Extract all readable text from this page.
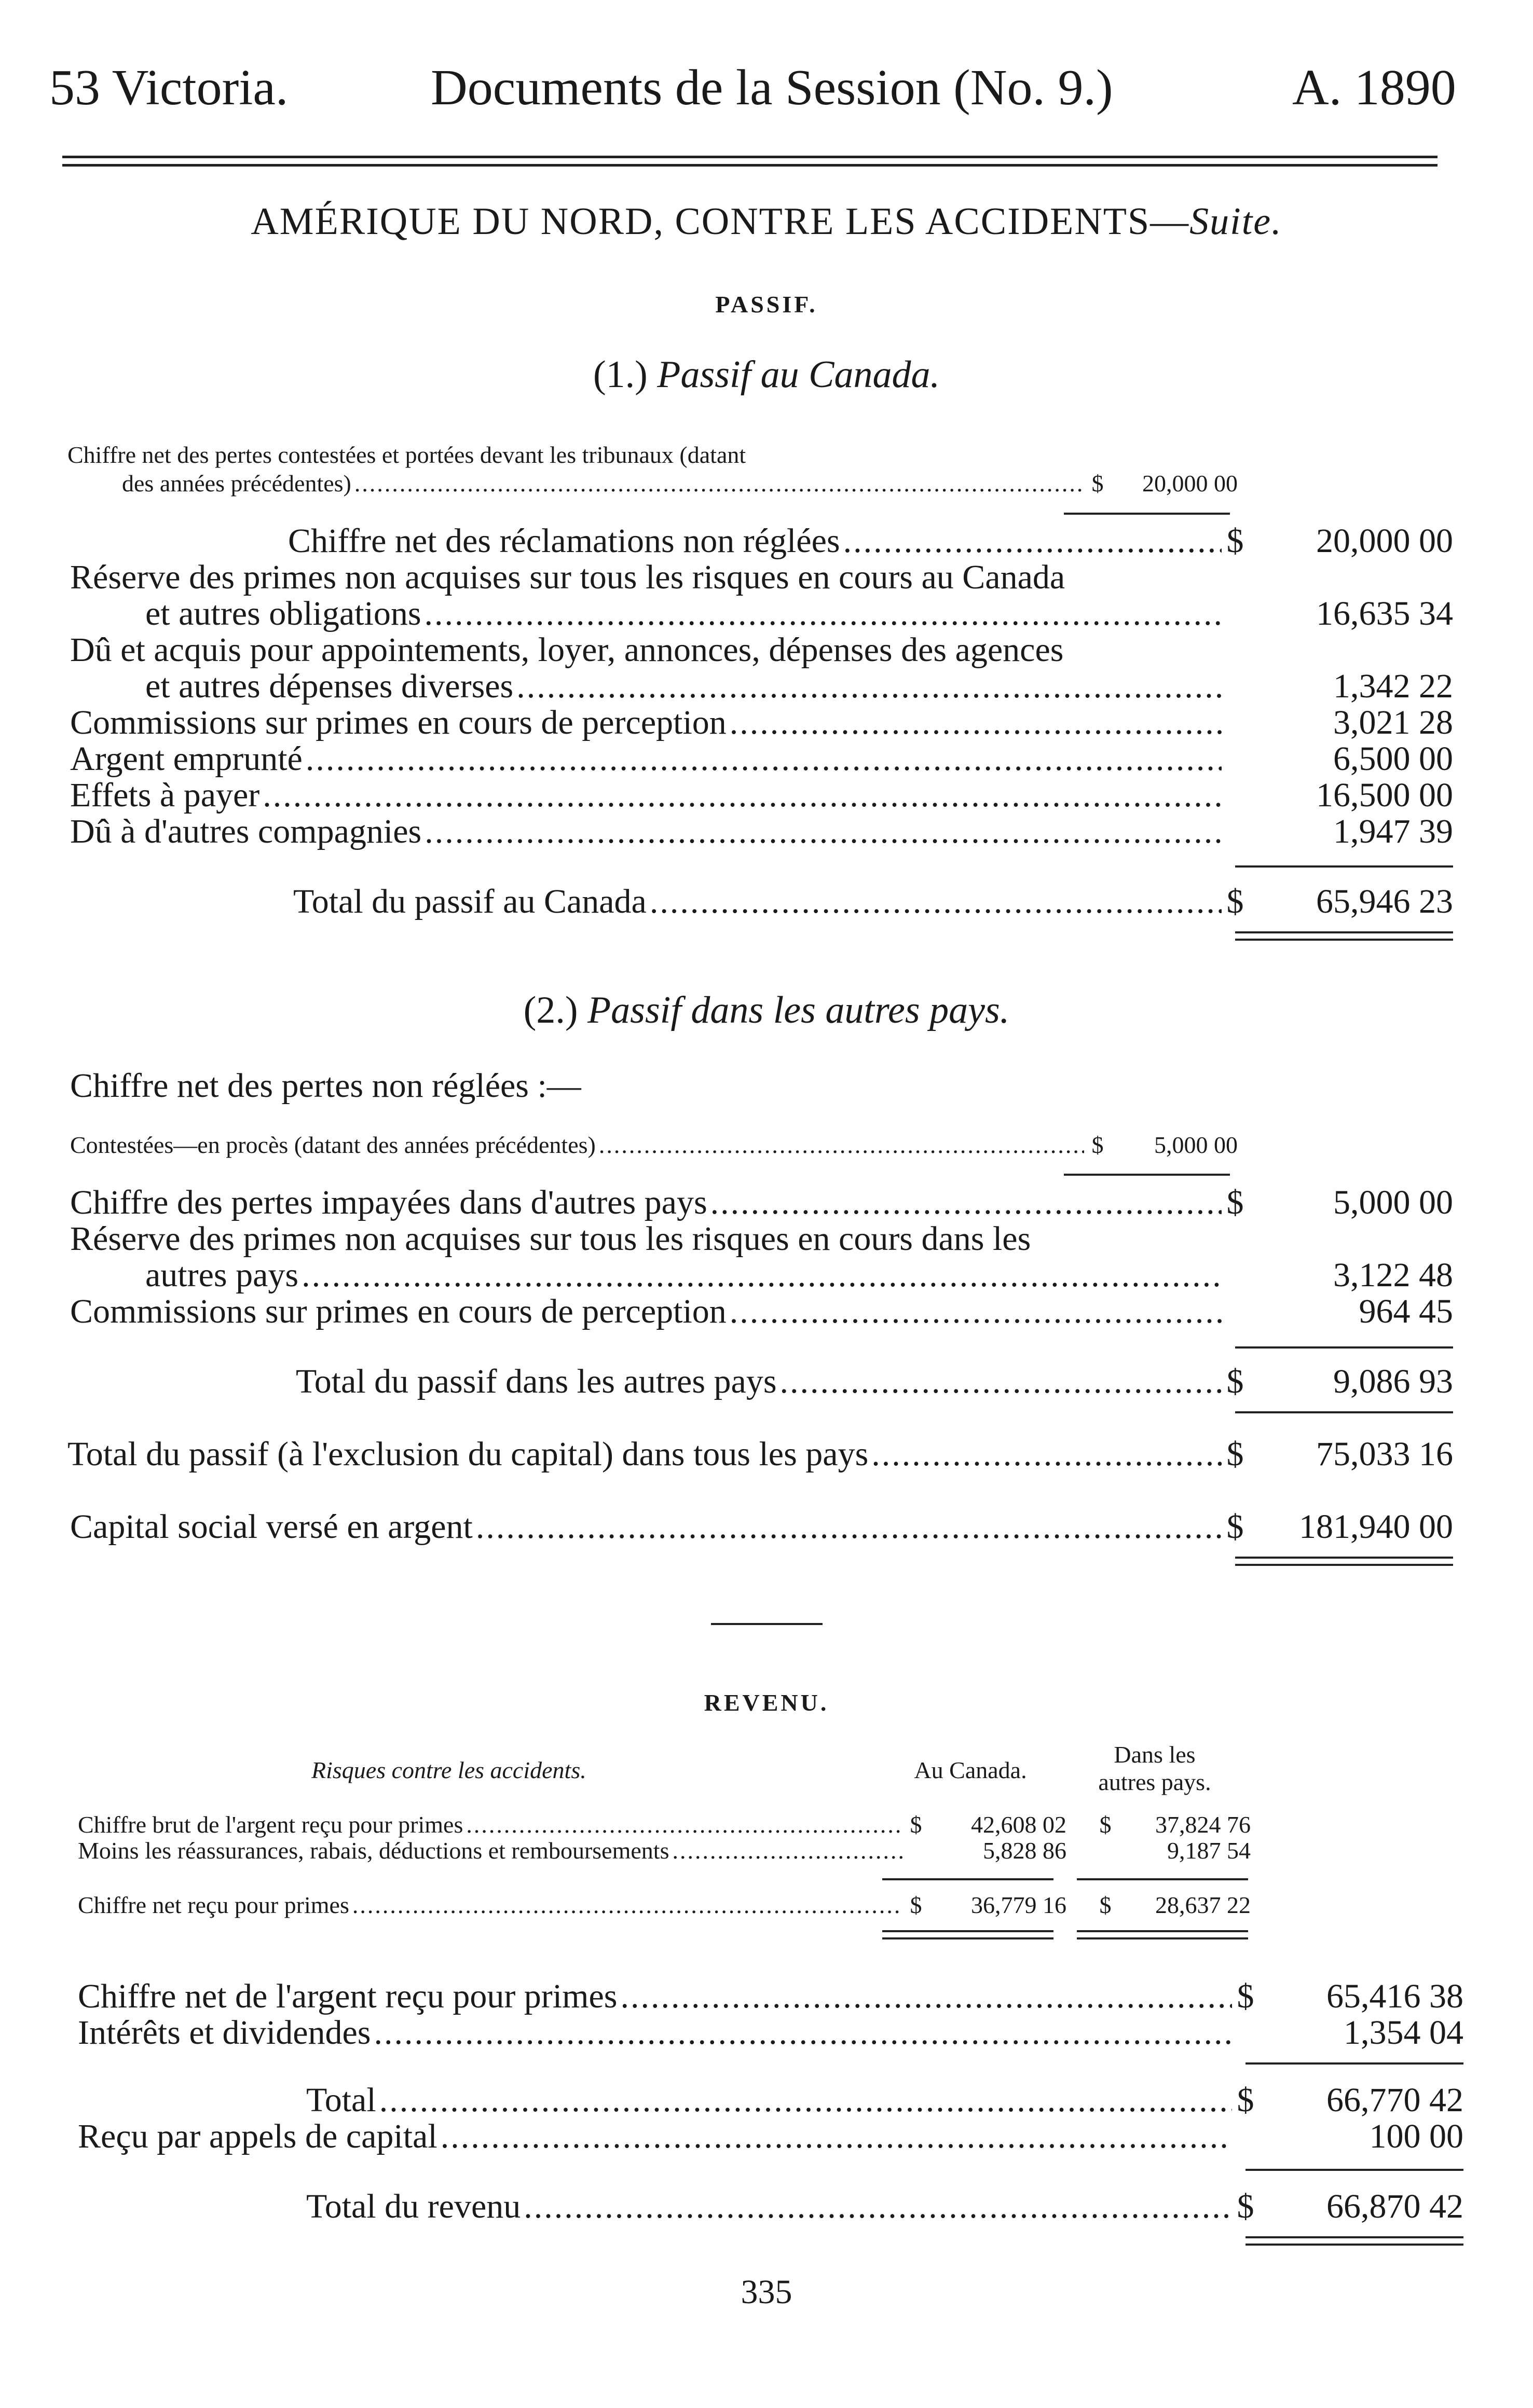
53 Victoria.	Documents de la Session (No. 9.)	A. 1890
AMÉRIQUE DU NORD, CONTRE LES ACCIDENTS—Suite.
PASSIF.
(1.) Passif au Canada.
Chiffre net des pertes contestées et portées devant les tribunaux (datant
des années précédentes) .....	$	20,000 00
Chiffre net des réclamations non réglées .....	$	20,000 00
Réserve des primes non acquises sur tous les risques en cours au Canada
et autres obligations .....	16,635 34
Dû et acquis pour appointements, loyer, annonces, dépenses des agences
et autres dépenses diverses .....	1,342 22
Commissions sur primes en cours de perception .....	3,021 28
Argent emprunté .....	6,500 00
Effets à payer .....	16,500 00
Dû à d'autres compagnies .....	1,947 39
Total du passif au Canada .....	$	65,946 23
(2.) Passif dans les autres pays.
Chiffre net des pertes non réglées :—
Contestées—en procès (datant des années précédentes) .....	$	5,000 00
Chiffre des pertes impayées dans d'autres pays .....	$	5,000 00
Réserve des primes non acquises sur tous les risques en cours dans les
autres pays .....	3,122 48
Commissions sur primes en cours de perception .....	964 45
Total du passif dans les autres pays .....	$	9,086 93
Total du passif (à l'exclusion du capital) dans tous les pays .....	$	75,033 16
Capital social versé en argent .....	$	181,940 00
REVENU.
Risques contre les accidents.	Au Canada.
Dans les
autres pays.
Chiffre brut de l'argent reçu pour primes .....	$	42,608 02 $	37,824 76
Moins les réassurances, rabais, déductions et remboursements .....	5,828 86	9,187 54
Chiffre net reçu pour primes .....	$	36,779 16 $	28,637 22
Chiffre net de l'argent reçu pour primes .....	$	65,416 38
Intérêts et dividendes .....	1,354 04
Total .....	$	66,770 42
Reçu par appels de capital .....	100 00
Total du revenu .....	$	66,870 42
335
